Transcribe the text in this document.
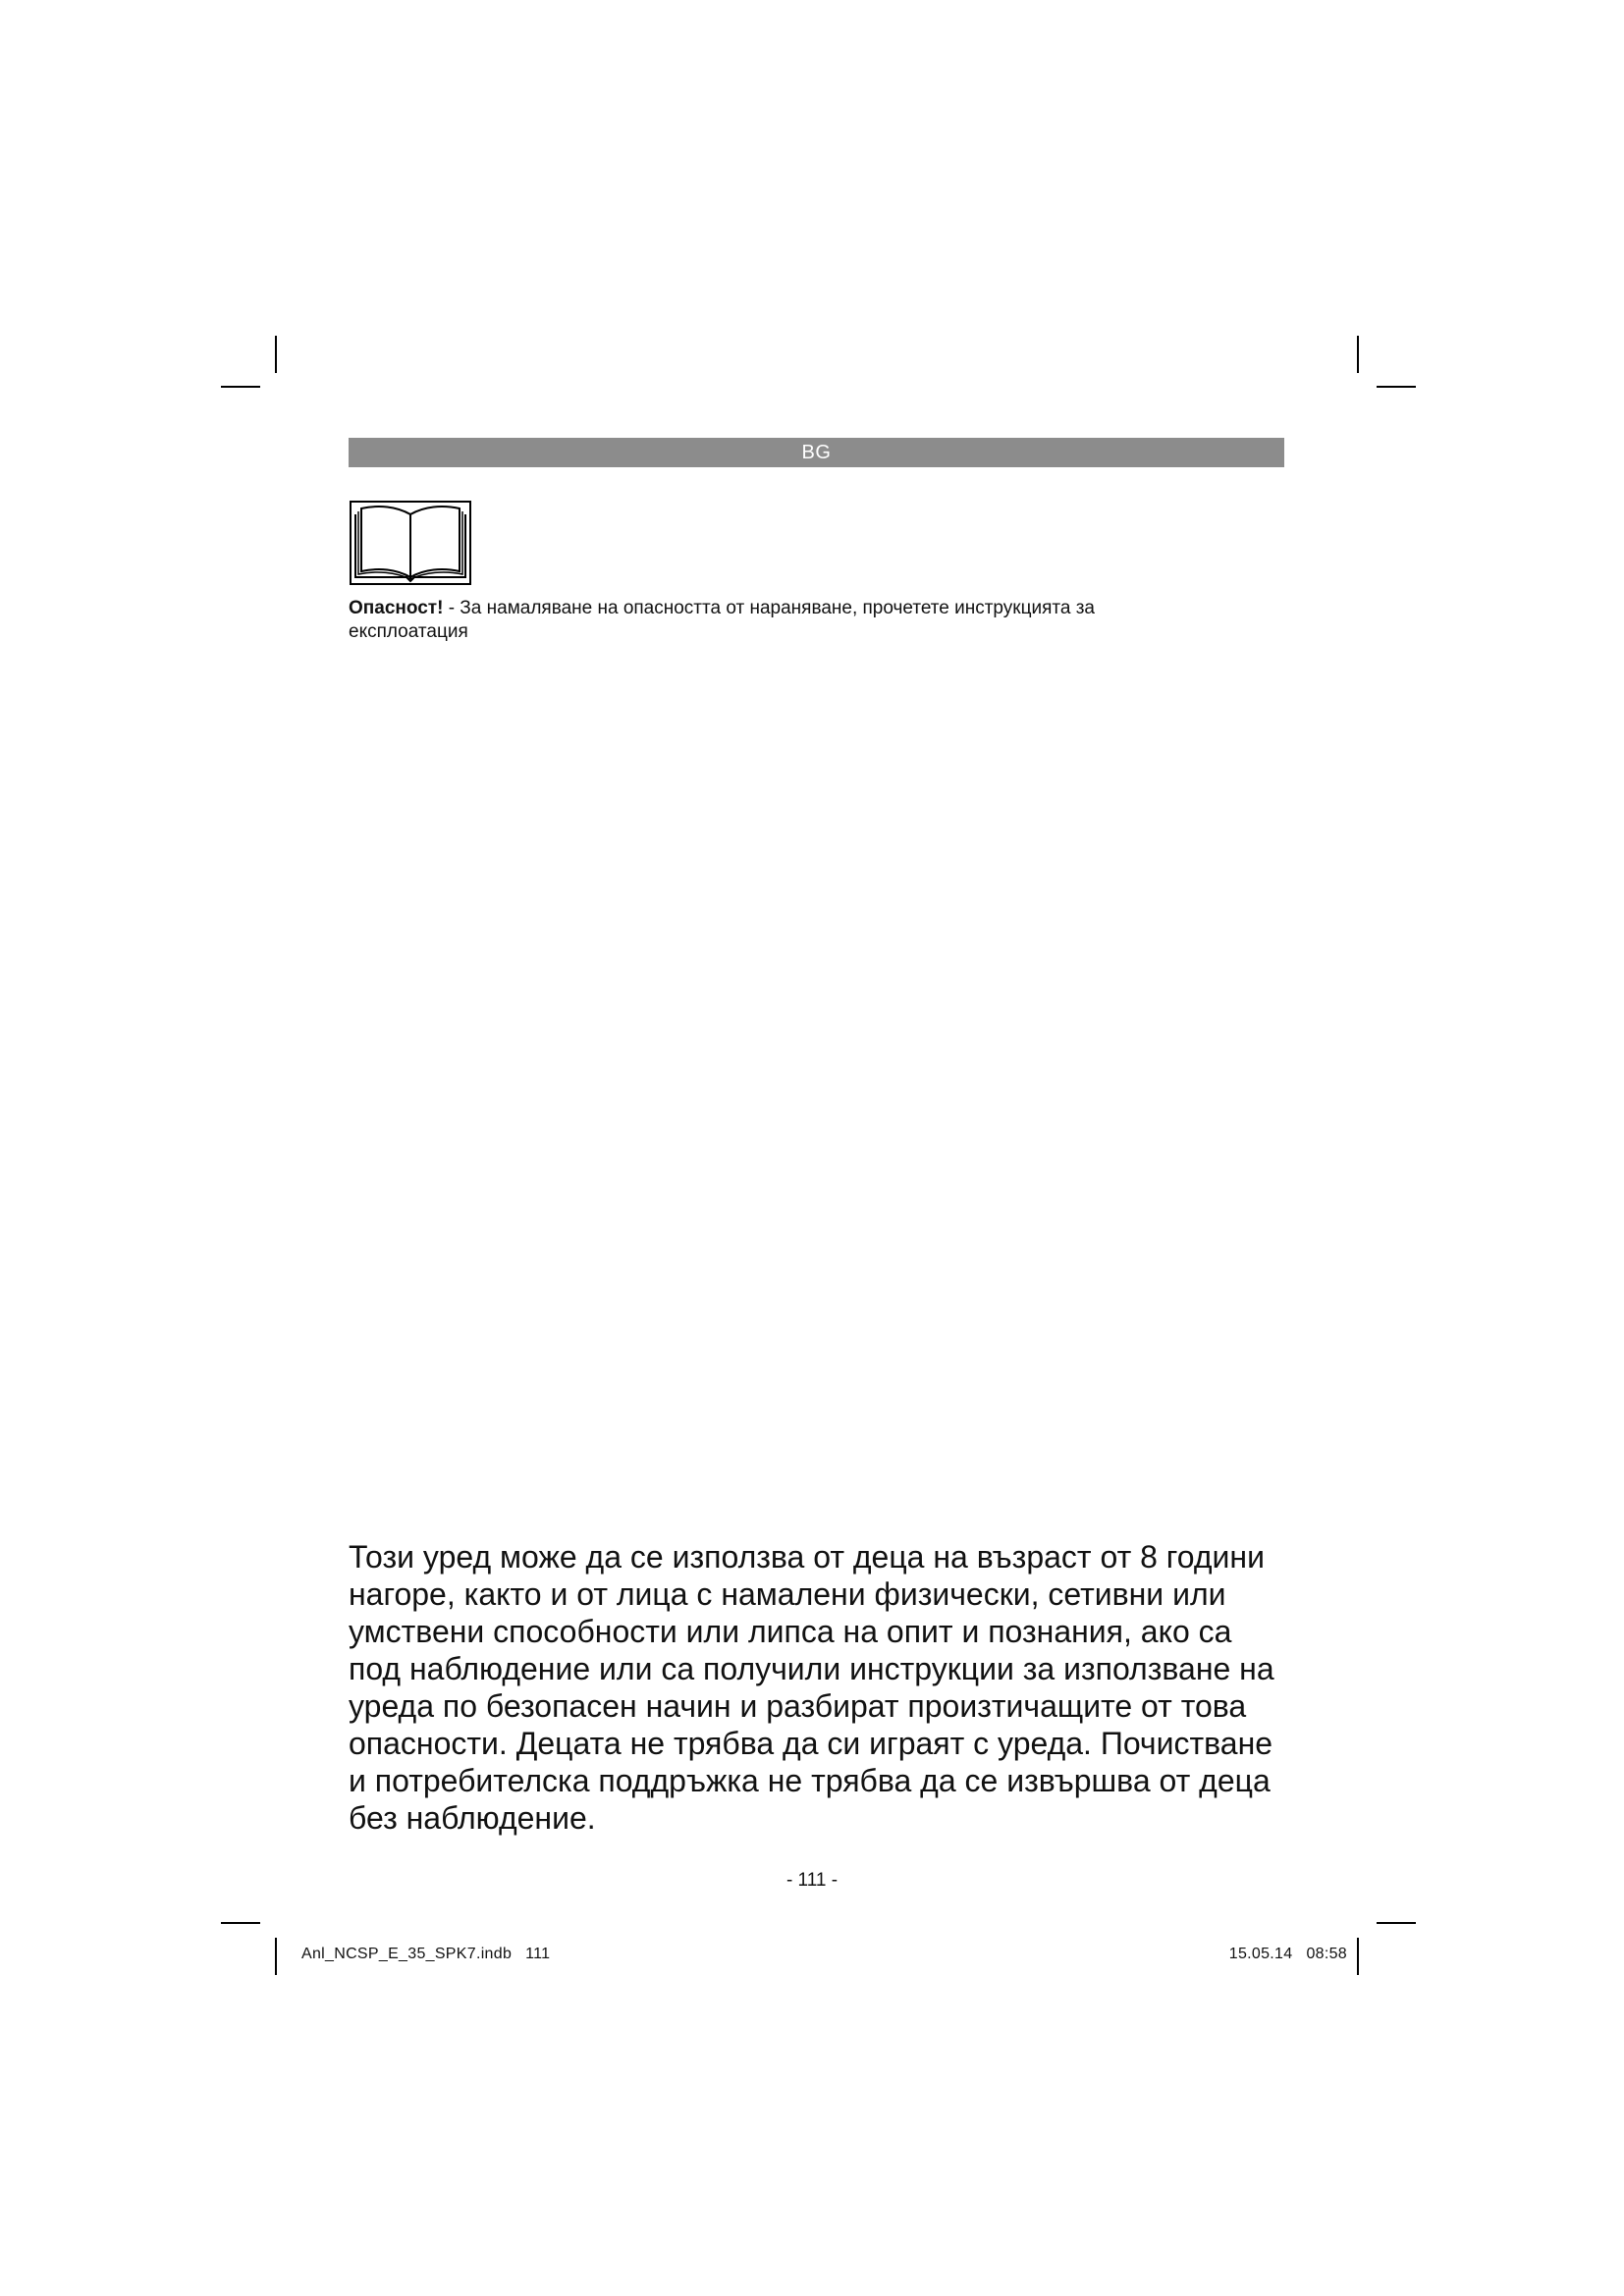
BG
Опасност! - За намаляване на опасността от нараняване, прочетете инструкцията за
експлоатация
Този уред може да се използва от деца на възраст от 8 години
нагоре, както и от лица с намалени физически, сетивни или
умствени способности или липса на опит и познания, ако са
под наблюдение или са получили инструкции за използване на
уреда по безопасен начин и разбират произтичащите от това
опасности. Децата не трябва да си играят с уреда. Почистване
и потребителска поддръжка не трябва да се извършва от деца
без наблюдение.
- 111 -
Anl_NCSP_E_35_SPK7.indb 111	15.05.14 08:58
